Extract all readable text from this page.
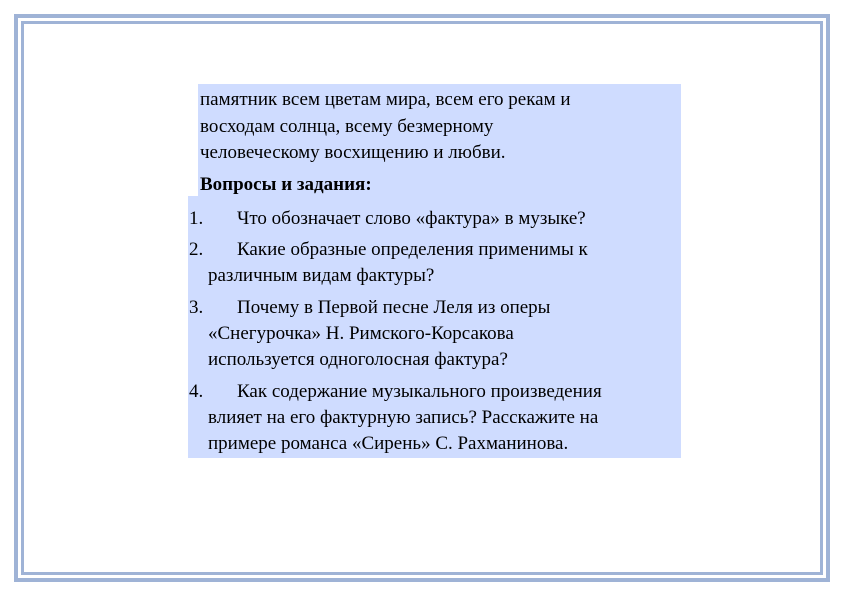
памятник всем цветам мира, всем его рекам и
восходам солнца, всему безмерному
человеческому восхищению и любви.
Вопросы и задания:
1. Что обозначает слово «фактура» в музыке?
2. Какие образные определения применимы к
различным видам фактуры?
3. Почему в Первой песне Леля из оперы
«Снегурочка» Н. Римского-Корсакова
используется одноголосная фактура?
4. Как содержание музыкального произведения
влияет на его фактурную запись? Расскажите на
примере романса «Сирень» С. Рахманинова.
